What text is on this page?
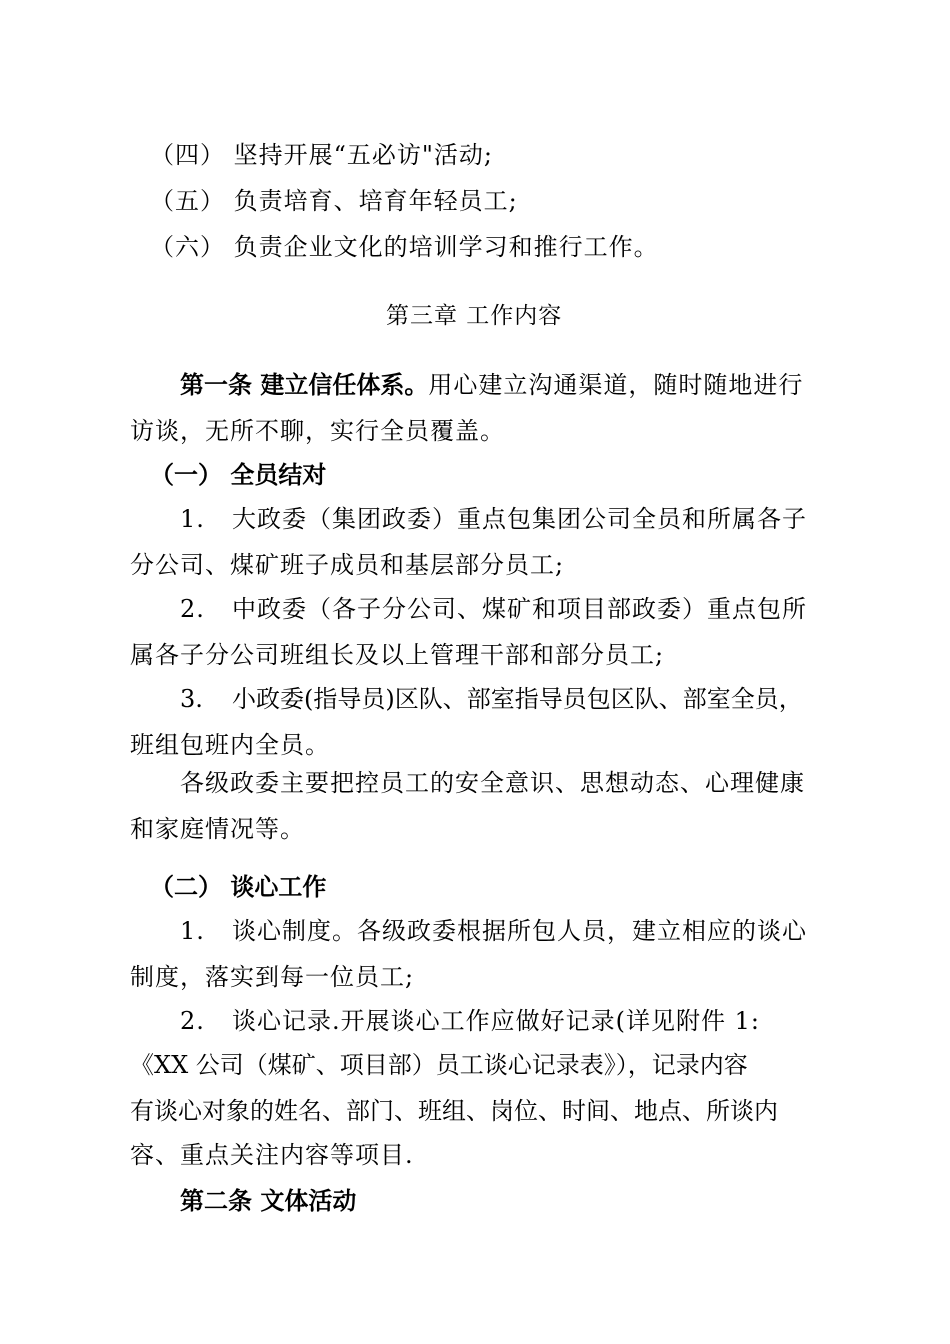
（四） 坚持开展“五必访"活动;
（五） 负责培育、培育年轻员工;
（六） 负责企业文化的培训学习和推行工作。
第三章 工作内容
第一条 建立信任体系。用心建立沟通渠道，随时随地进行
访谈，无所不聊，实行全员覆盖。
（一） 全员结对
1. 大政委（集团政委）重点包集团公司全员和所属各子
分公司、煤矿班子成员和基层部分员工;
2. 中政委（各子分公司、煤矿和项目部政委）重点包所
属各子分公司班组长及以上管理干部和部分员工;
3. 小政委(指导员)区队、部室指导员包区队、部室全员，
班组包班内全员。
各级政委主要把控员工的安全意识、思想动态、心理健康
和家庭情况等。
（二） 谈心工作
1. 谈心制度。各级政委根据所包人员，建立相应的谈心
制度，落实到每一位员工;
2. 谈心记录.开展谈心工作应做好记录(详见附件 1:
《XX 公司（煤矿、项目部）员工谈心记录表》），记录内容
有谈心对象的姓名、部门、班组、岗位、时间、地点、所谈内
容、重点关注内容等项目.
第二条 文体活动
